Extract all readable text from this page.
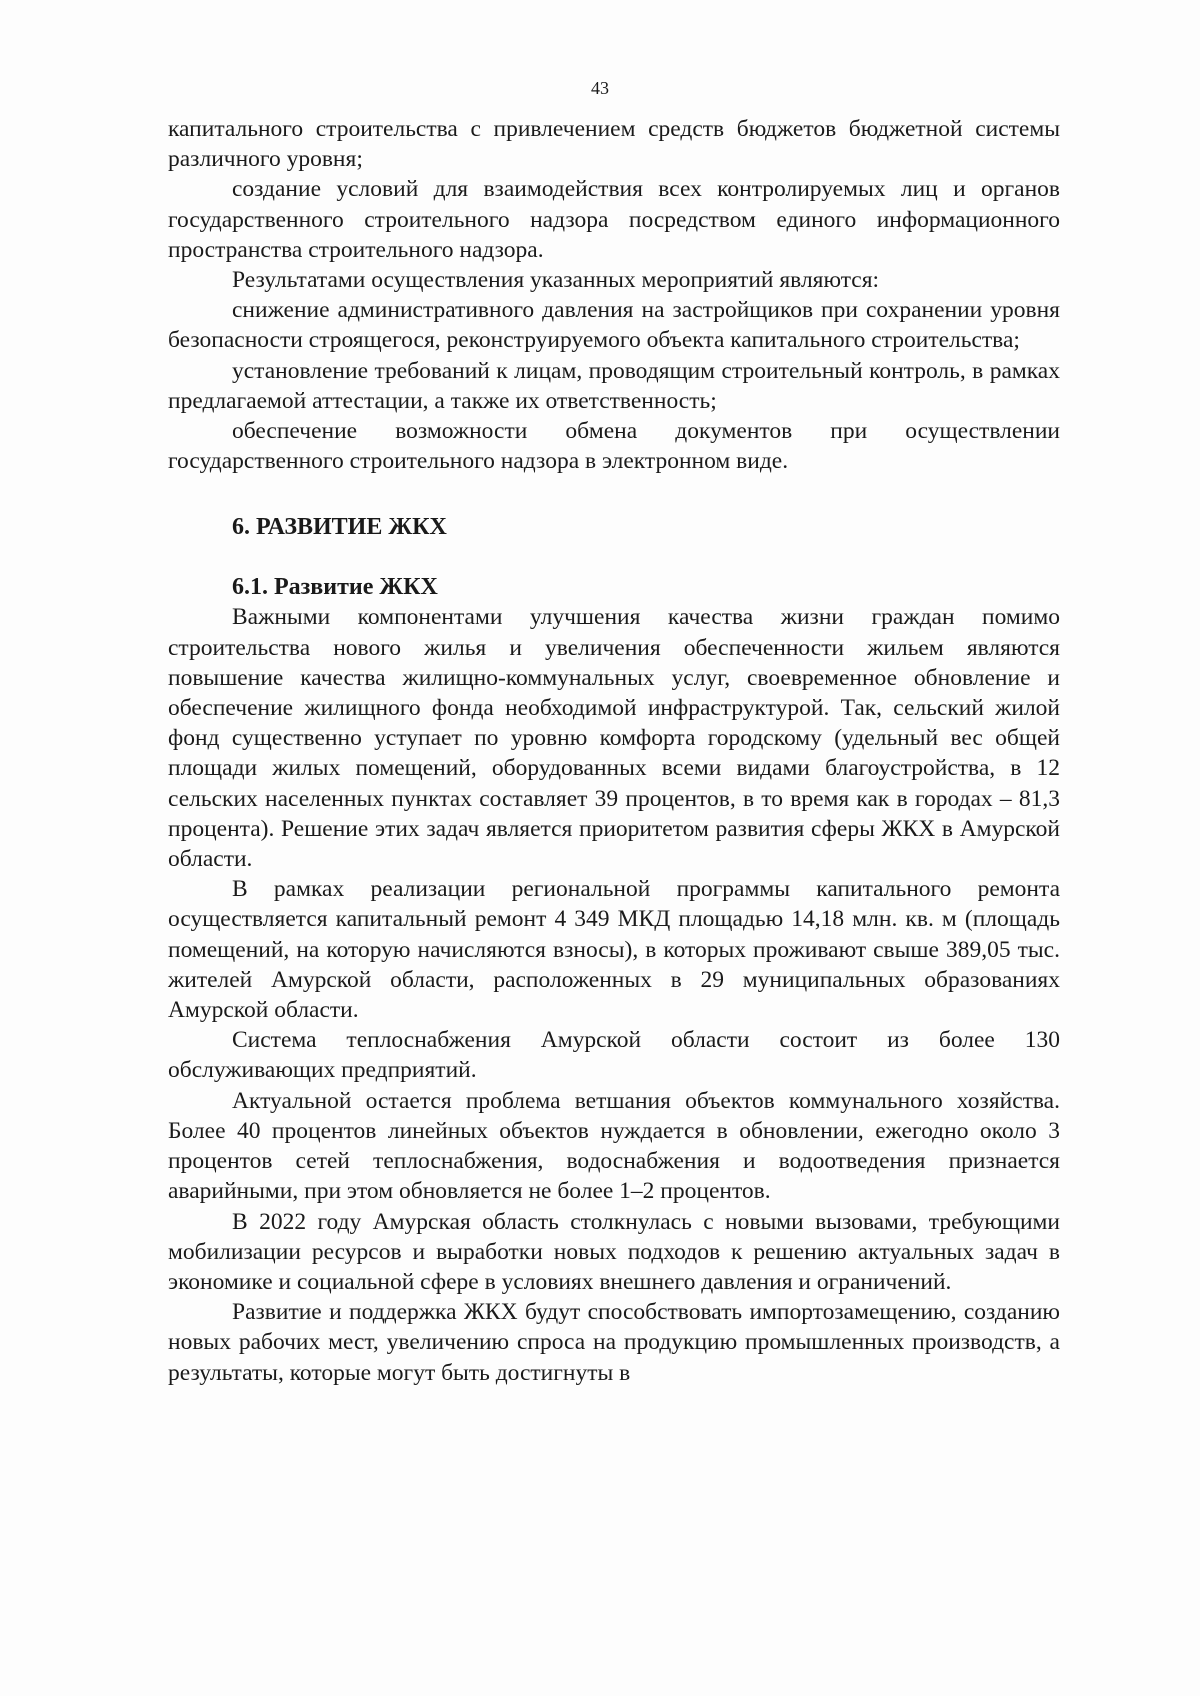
43

капитального строительства с привлечением средств бюджетов бюджетной системы различного уровня;

создание условий для взаимодействия всех контролируемых лиц и органов государственного строительного надзора посредством единого информационного пространства строительного надзора.

Результатами осуществления указанных мероприятий являются:

снижение административного давления на застройщиков при сохранении уровня безопасности строящегося, реконструируемого объекта капитального строительства;

установление требований к лицам, проводящим строительный контроль, в рамках предлагаемой аттестации, а также их ответственность;

обеспечение возможности обмена документов при осуществлении государственного строительного надзора в электронном виде.

6. РАЗВИТИЕ ЖКХ
6.1. Развитие ЖКХ

Важными компонентами улучшения качества жизни граждан помимо строительства нового жилья и увеличения обеспеченности жильем являются повышение качества жилищно-коммунальных услуг, своевременное обновление и обеспечение жилищного фонда необходимой инфраструктурой. Так, сельский жилой фонд существенно уступает по уровню комфорта городскому (удельный вес общей площади жилых помещений, оборудованных всеми видами благоустройства, в 12 сельских населенных пунктах составляет 39 процентов, в то время как в городах – 81,3 процента). Решение этих задач является приоритетом развития сферы ЖКХ в Амурской области.

В рамках реализации региональной программы капитального ремонта осуществляется капитальный ремонт 4 349 МКД площадью 14,18 млн. кв. м (площадь помещений, на которую начисляются взносы), в которых проживают свыше 389,05 тыс. жителей Амурской области, расположенных в 29 муниципальных образованиях Амурской области.

Система теплоснабжения Амурской области состоит из более 130 обслуживающих предприятий.

Актуальной остается проблема ветшания объектов коммунального хозяйства. Более 40 процентов линейных объектов нуждается в обновлении, ежегодно около 3 процентов сетей теплоснабжения, водоснабжения и водоотведения признается аварийными, при этом обновляется не более 1–2 процентов.

В 2022 году Амурская область столкнулась с новыми вызовами, требующими мобилизации ресурсов и выработки новых подходов к решению актуальных задач в экономике и социальной сфере в условиях внешнего давления и ограничений.

Развитие и поддержка ЖКХ будут способствовать импортозамещению, созданию новых рабочих мест, увеличению спроса на продукцию промышленных производств, а результаты, которые могут быть достигнуты в
